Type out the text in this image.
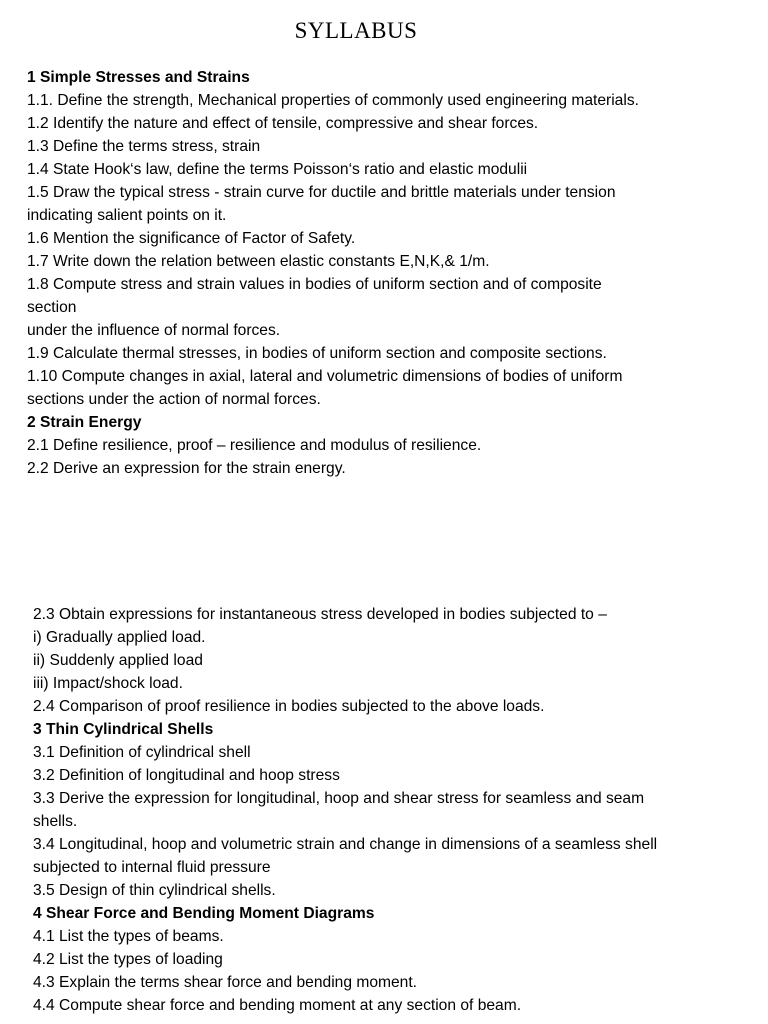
SYLLABUS
1 Simple Stresses and Strains
1.1. Define the strength, Mechanical properties of commonly used engineering materials.
1.2 Identify the nature and effect of tensile, compressive and shear forces.
1.3 Define the terms stress, strain
1.4 State Hook‘s law, define the terms Poisson‘s ratio and elastic modulii
1.5 Draw the typical stress - strain curve for ductile and brittle materials under tension
indicating salient points on it.
1.6 Mention the significance of Factor of Safety.
1.7 Write down the relation between elastic constants E,N,K,& 1/m.
1.8 Compute stress and strain values in bodies of uniform section and of composite
section
under the influence of normal forces.
1.9 Calculate thermal stresses, in bodies of uniform section and composite sections.
1.10 Compute changes in axial, lateral and volumetric dimensions of bodies of uniform
sections under the action of normal forces.
2 Strain Energy
2.1 Define resilience, proof – resilience and modulus of resilience.
2.2 Derive an expression for the strain energy.
2.3 Obtain expressions for instantaneous stress developed in bodies subjected to –
i) Gradually applied load.
ii) Suddenly applied load
iii) Impact/shock load.
2.4 Comparison of proof resilience in bodies subjected to the above loads.
3 Thin Cylindrical Shells
3.1 Definition of cylindrical shell
3.2 Definition of longitudinal and hoop stress
3.3 Derive the expression for longitudinal, hoop and shear stress for seamless and seam
shells.
3.4 Longitudinal, hoop and volumetric strain and change in dimensions of a seamless shell
subjected to internal fluid pressure
3.5 Design of thin cylindrical shells.
4 Shear Force and Bending Moment Diagrams
4.1 List the types of beams.
4.2 List the types of loading
4.3 Explain the terms shear force and bending moment.
4.4 Compute shear force and bending moment at any section of beam.
